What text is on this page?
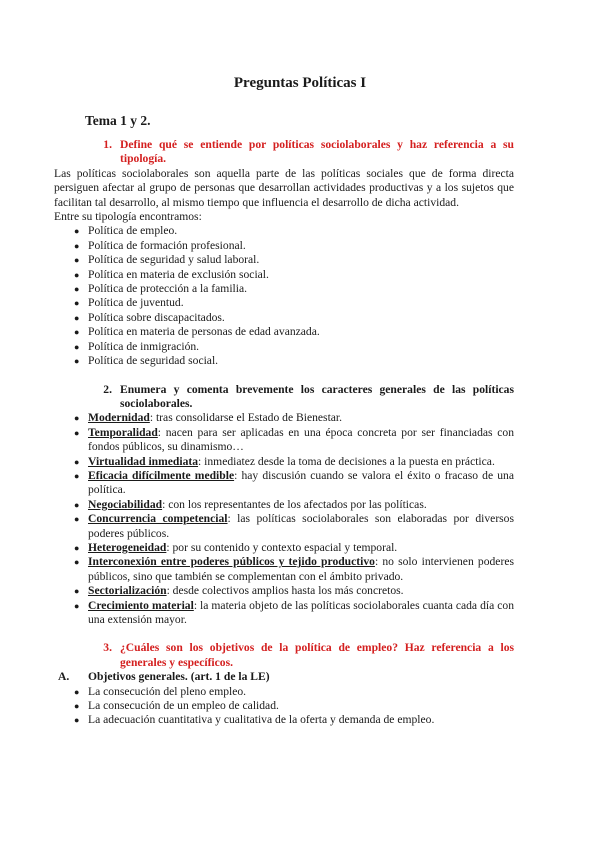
Preguntas Políticas I
Tema 1 y 2.
1. Define qué se entiende por políticas sociolaborales y haz referencia a su tipología.

Las políticas sociolaborales son aquella parte de las políticas sociales que de forma directa persiguen afectar al grupo de personas que desarrollan actividades productivas y a los sujetos que facilitan tal desarrollo, al mismo tiempo que influencia el desarrollo de dicha actividad.

Entre su tipología encontramos:

● Política de empleo.
● Política de formación profesional.
● Política de seguridad y salud laboral.
● Política en materia de exclusión social.
● Política de protección a la familia.
● Política de juventud.
● Política sobre discapacitados.
● Política en materia de personas de edad avanzada.
● Política de inmigración.
● Política de seguridad social.
2. Enumera y comenta brevemente los caracteres generales de las políticas sociolaborales.
● Modernidad: tras consolidarse el Estado de Bienestar.
● Temporalidad: nacen para ser aplicadas en una época concreta por ser financiadas con fondos públicos, su dinamismo…
● Virtualidad inmediata: inmediatez desde la toma de decisiones a la puesta en práctica.
● Eficacia difícilmente medible: hay discusión cuando se valora el éxito o fracaso de una política.
● Negociabilidad: con los representantes de los afectados por las políticas.
● Concurrencia competencial: las políticas sociolaborales son elaboradas por diversos poderes públicos.
● Heterogeneidad: por su contenido y contexto espacial y temporal.
● Interconexión entre poderes públicos y tejido productivo: no solo intervienen poderes públicos, sino que también se complementan con el ámbito privado.
● Sectorialización: desde colectivos amplios hasta los más concretos.
● Crecimiento material: la materia objeto de las políticas sociolaborales cuanta cada día con una extensión mayor.
3. ¿Cuáles son los objetivos de la política de empleo? Haz referencia a los generales y específicos.
A.	Objetivos generales. (art. 1 de la LE)
● La consecución del pleno empleo.
● La consecución de un empleo de calidad.
● La adecuación cuantitativa y cualitativa de la oferta y demanda de empleo.
